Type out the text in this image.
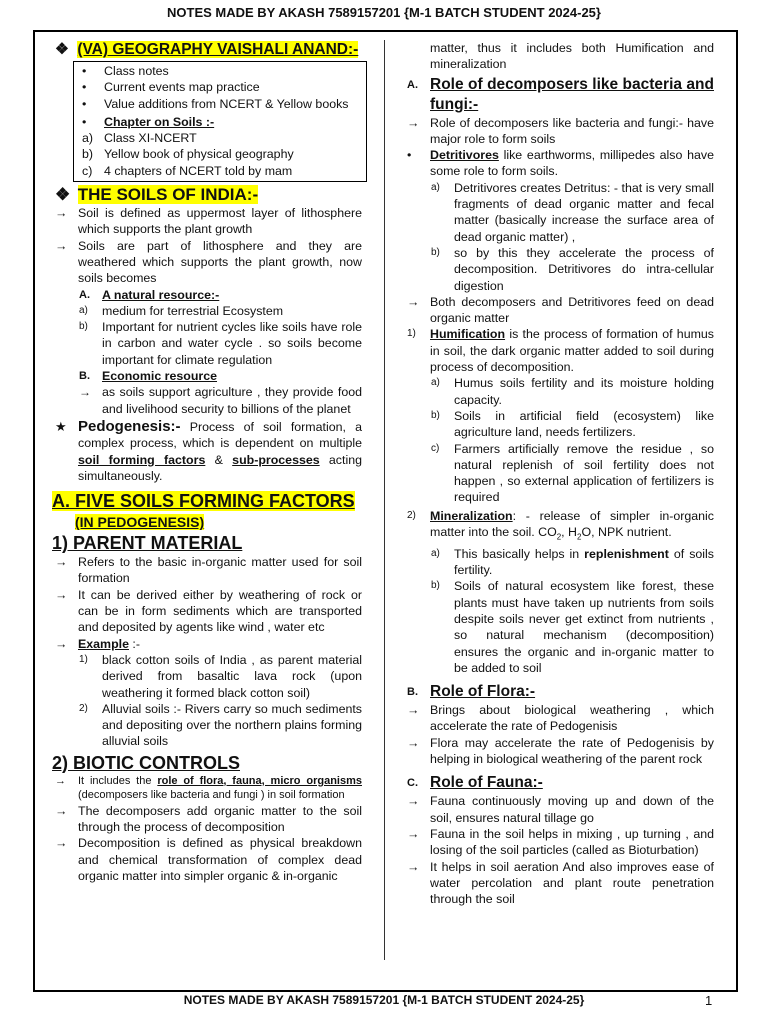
NOTES MADE BY AKASH 7589157201 {M-1 BATCH STUDENT 2024-25}
❖ (VA) GEOGRAPHY VAISHALI ANAND:-
•	Class notes
•	Current events map practice
•	Value additions from NCERT & Yellow books
•	Chapter on Soils :-
a) Class XI-NCERT
b) Yellow book of physical geography
c) 4 chapters of NCERT told by mam
❖ THE SOILS OF INDIA:-
→ Soil is defined as uppermost layer of lithosphere which supports the plant growth
→ Soils are part of lithosphere and they are weathered which supports the plant growth, now soils becomes
A. A natural resource:-
a)	medium for terrestrial Ecosystem
b)	Important for nutrient cycles like soils have role in carbon and water cycle . so soils become important for climate regulation
B. Economic resource
→ as soils support agriculture , they provide food and livelihood security to billions of the planet
★ Pedogenesis:- Process of soil formation, a complex process, which is dependent on multiple soil forming factors & sub-processes acting simultaneously.
A. FIVE SOILS FORMING FACTORS
(IN PEDOGENESIS)
1) PARENT MATERIAL
→ Refers to the basic in-organic matter used for soil formation
→ It can be derived either by weathering of rock or can be in form sediments which are transported and deposited by agents like wind , water etc
→ Example :-
1)	black cotton soils of India , as parent material derived from basaltic lava rock (upon weathering it formed black cotton soil)
2)	Alluvial soils :- Rivers carry so much sediments and depositing over the northern plains forming alluvial soils
2) BIOTIC CONTROLS
→	It includes the role of flora, fauna, micro organisms (decomposers like bacteria and fungi ) in soil formation
→ The decomposers add organic matter to the soil through the process of decomposition
→ Decomposition is defined as physical breakdown and chemical transformation of complex dead organic matter into simpler organic & in-organic
matter, thus it includes both Humification and mineralization
A. Role of decomposers like bacteria and fungi:-
→ Role of decomposers like bacteria and fungi:- have major role to form soils
•	Detritivores like earthworms, millipedes also have some role to form soils.
a)	Detritivores creates Detritus: - that is very small fragments of dead organic matter and fecal matter (basically increase the surface area of dead organic matter) ,
b)	so by this they accelerate the process of decomposition. Detritivores do intra-cellular digestion
→ Both decomposers and Detritivores feed on dead organic matter
1)	Humification is the process of formation of humus in soil, the dark organic matter added to soil during process of decomposition.
a)	Humus soils fertility and its moisture holding capacity.
b)	Soils in artificial field (ecosystem) like agriculture land, needs fertilizers.
c)	Farmers artificially remove the residue , so natural replenish of soil fertility does not happen , so external application of fertilizers is required
2)	Mineralization: - release of simpler in-organic matter into the soil. $CO_2$, $H_2O$, NPK nutrient.
a)	This basically helps in replenishment of soils fertility.
b)	Soils of natural ecosystem like forest, these plants must have taken up nutrients from soils despite soils never get extinct from nutrients , so natural mechanism (decomposition) ensures the organic and in-organic matter to be added to soil
B. Role of Flora:-
→ Brings about biological weathering , which accelerate the rate of Pedogenisis
→ Flora may accelerate the rate of Pedogenisis by helping in biological weathering of the parent rock
C. Role of Fauna:-
→ Fauna continuously moving up and down of the soil, ensures natural tillage go
→ Fauna in the soil helps in mixing , up turning , and losing of the soil particles (called as Bioturbation)
→ It helps in soil aeration And also improves ease of water percolation and plant route penetration through the soil
NOTES MADE BY AKASH 7589157201 {M-1 BATCH STUDENT 2024-25}	1
